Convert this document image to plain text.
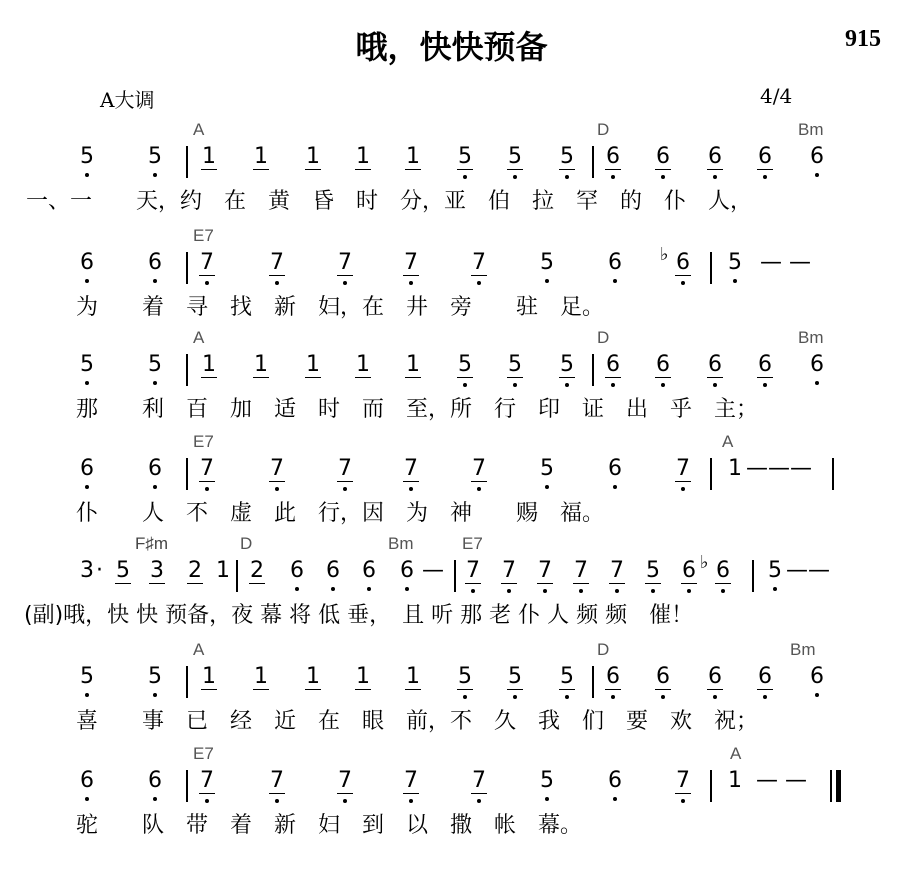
哦，快快预备	915
A大调	4/4
A	D	Bm
5 5 1 1 1 1 1 5 5 5 6 6 6 6 6
一、一　　天，约　在　黄　昏　时　分，亚　伯　拉　罕　的　仆　人，
E7
6 6 7	7 7 7 7 5 6 ♭ 6 5 — —
为　　着　寻　找　新　妇，在　井　旁　　驻　足。
A	D	Bm
5 5 1 1 1 1 1 5 5 5 6 6 6 6 6
那　　利　百　加　适　时　而　至，所　行　印　证　出　乎　主；
E7	A
6 6 7	7 7 7 7 5 6 7 1 ———
仆　　人　不　虚　此　行，因　为　神　　赐　福。
F♯m	D	Bm	E7
3 · 5 3 2 1 2 6 6 6 6 — 7 7 7 7 7 5 6 ♭ 6 5 ——
(副)哦，快 快 预备，夜 幕 将 低 垂，　且 听 那 老 仆 人 频 频　催！
A	D	Bm
5 5 1 1 1 1 1 5 5 5 6 6 6 6 6
喜　　事　已　经　近　在　眼　前，不　久　我　们　要　欢　祝；
E7	A
6 6 7	7 7 7 7 5 6 7 1 — —
驼　　队　带　着　新　妇　到　以　撒　帐　幕。
